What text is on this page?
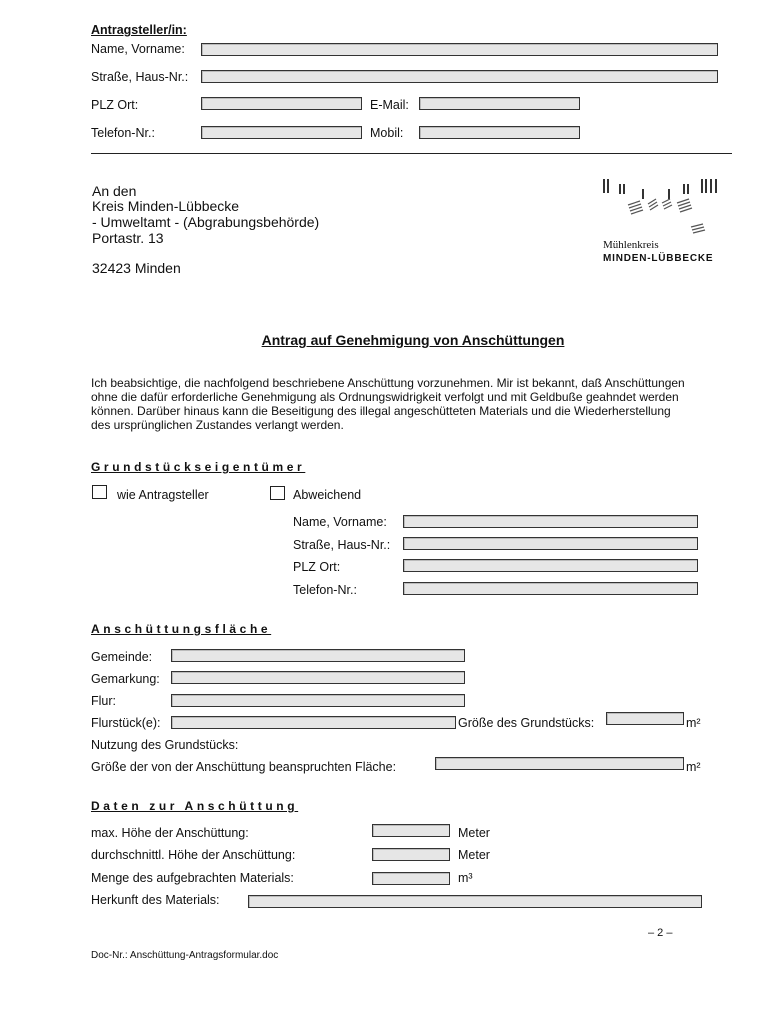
Antragsteller/in:
Name, Vorname:
Straße, Haus-Nr.:
PLZ Ort:	E-Mail:
Telefon-Nr.:	Mobil:
An den
Kreis Minden-Lübbecke
- Umweltamt - (Abgrabungsbehörde)
Portastr. 13
32423 Minden
Mühlenkreis
MINDEN-LÜBBECKE
Antrag auf Genehmigung von Anschüttungen
Ich beabsichtige, die nachfolgend beschriebene Anschüttung vorzunehmen. Mir ist bekannt, daß Anschüttungen
ohne die dafür erforderliche Genehmigung als Ordnungswidrigkeit verfolgt und mit Geldbuße geahndet werden
können. Darüber hinaus kann die Beseitigung des illegal angeschütteten Materials und die Wiederherstellung
des ursprünglichen Zustandes verlangt werden.
Grundstückseigentümer
wie Antragsteller	Abweichend
Name, Vorname:
Straße, Haus-Nr.:
PLZ Ort:
Telefon-Nr.:
Anschüttungsfläche
Gemeinde:
Gemarkung:
Flur:
Flurstück(e):	Größe des Grundstücks:	m²
Nutzung des Grundstücks:
Größe der von der Anschüttung beanspruchten Fläche:	m²
Daten zur Anschüttung
max. Höhe der Anschüttung:	Meter
durchschnittl. Höhe der Anschüttung:	Meter
Menge des aufgebrachten Materials:	m³
Herkunft des Materials:
– 2 –
Doc-Nr.: Anschüttung-Antragsformular.doc
